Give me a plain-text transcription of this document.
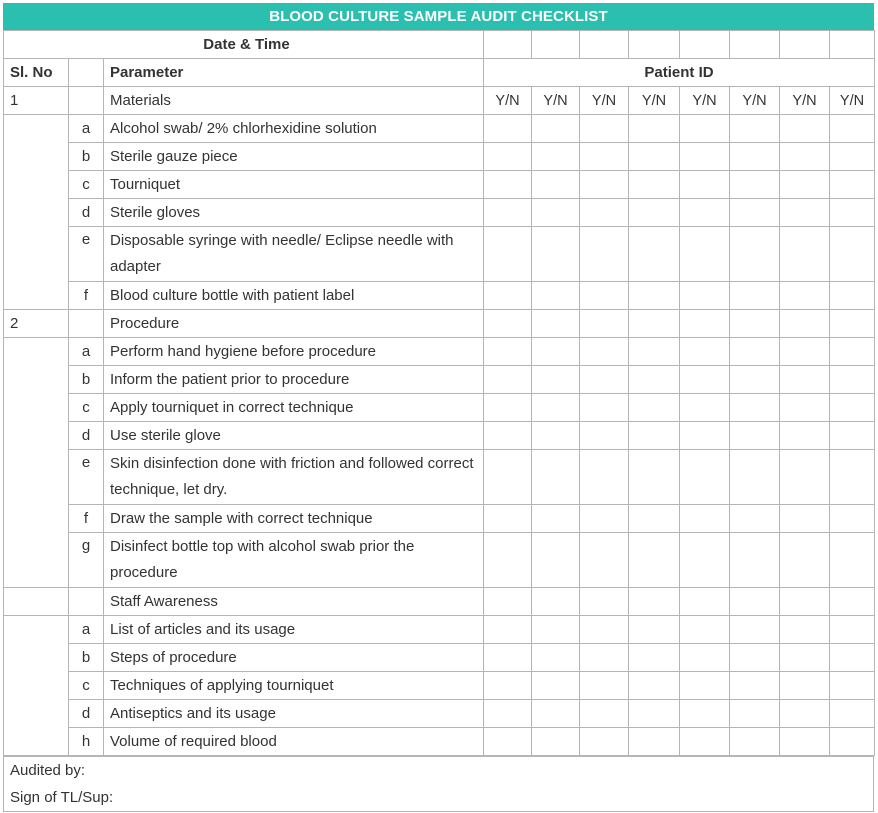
BLOOD CULTURE SAMPLE AUDIT CHECKLIST
Date & Time										
Sl. No		Parameter	Patient ID							
1		Materials	Y/N	Y/N	Y/N	Y/N	Y/N	Y/N	Y/N	Y/N
	a	Alcohol swab/ 2% chlorhexidine solution								
	b	Sterile gauze piece								
	c	Tourniquet								
	d	Sterile gloves								
	e	Disposable syringe with needle/ Eclipse needle with adapter								
	f	Blood culture bottle with patient label								
2		Procedure								
	a	Perform hand hygiene before procedure								
	b	Inform the patient prior to procedure								
	c	Apply tourniquet in correct technique								
	d	Use sterile glove								
	e	Skin disinfection done with friction and followed correct technique, let dry.								
	f	Draw the sample with correct technique								
	g	Disinfect bottle top with alcohol swab prior the procedure								
		Staff Awareness								
	a	List of articles and its usage								
	b	Steps of procedure								
	c	Techniques of applying tourniquet								
	d	Antiseptics and its usage								
	h	Volume of required blood								
Audited by:
Sign of TL/Sup:
